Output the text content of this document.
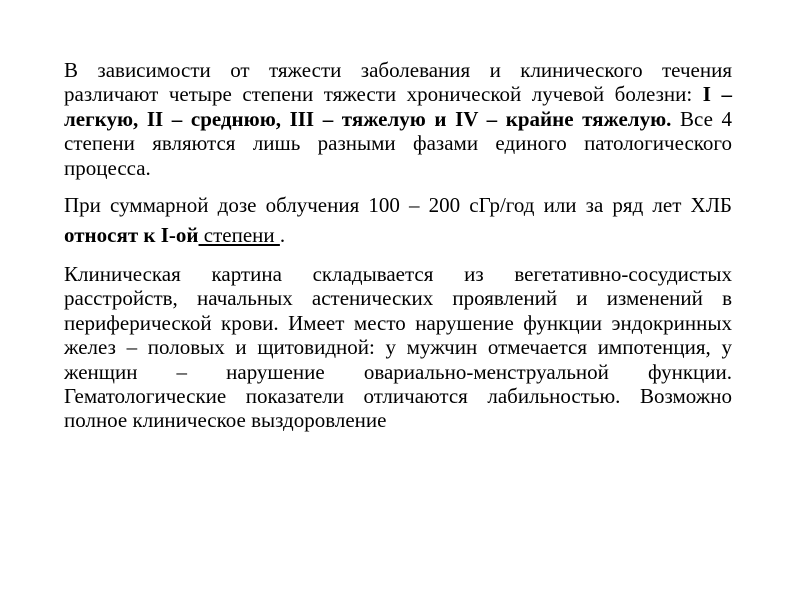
В зависимости от тяжести заболевания и клинического течения различают четыре степени тяжести хронической лучевой болезни: I – легкую, II – среднюю, III – тяжелую и IV – крайне тяжелую. Все 4 степени являются лишь разными фазами единого патологического процесса.

При суммарной дозе облучения 100 – 200 сГр/год или за ряд лет ХЛБ относят к I-ой степени .

Клиническая картина складывается из вегетативно-сосудистых расстройств, начальных астенических проявлений и изменений в периферической крови. Имеет место нарушение функции эндокринных желез – половых и щитовидной: у мужчин отмечается импотенция, у женщин – нарушение овариально-менструальной функции. Гематологические показатели отличаются лабильностью. Возможно полное клиническое выздоровление
